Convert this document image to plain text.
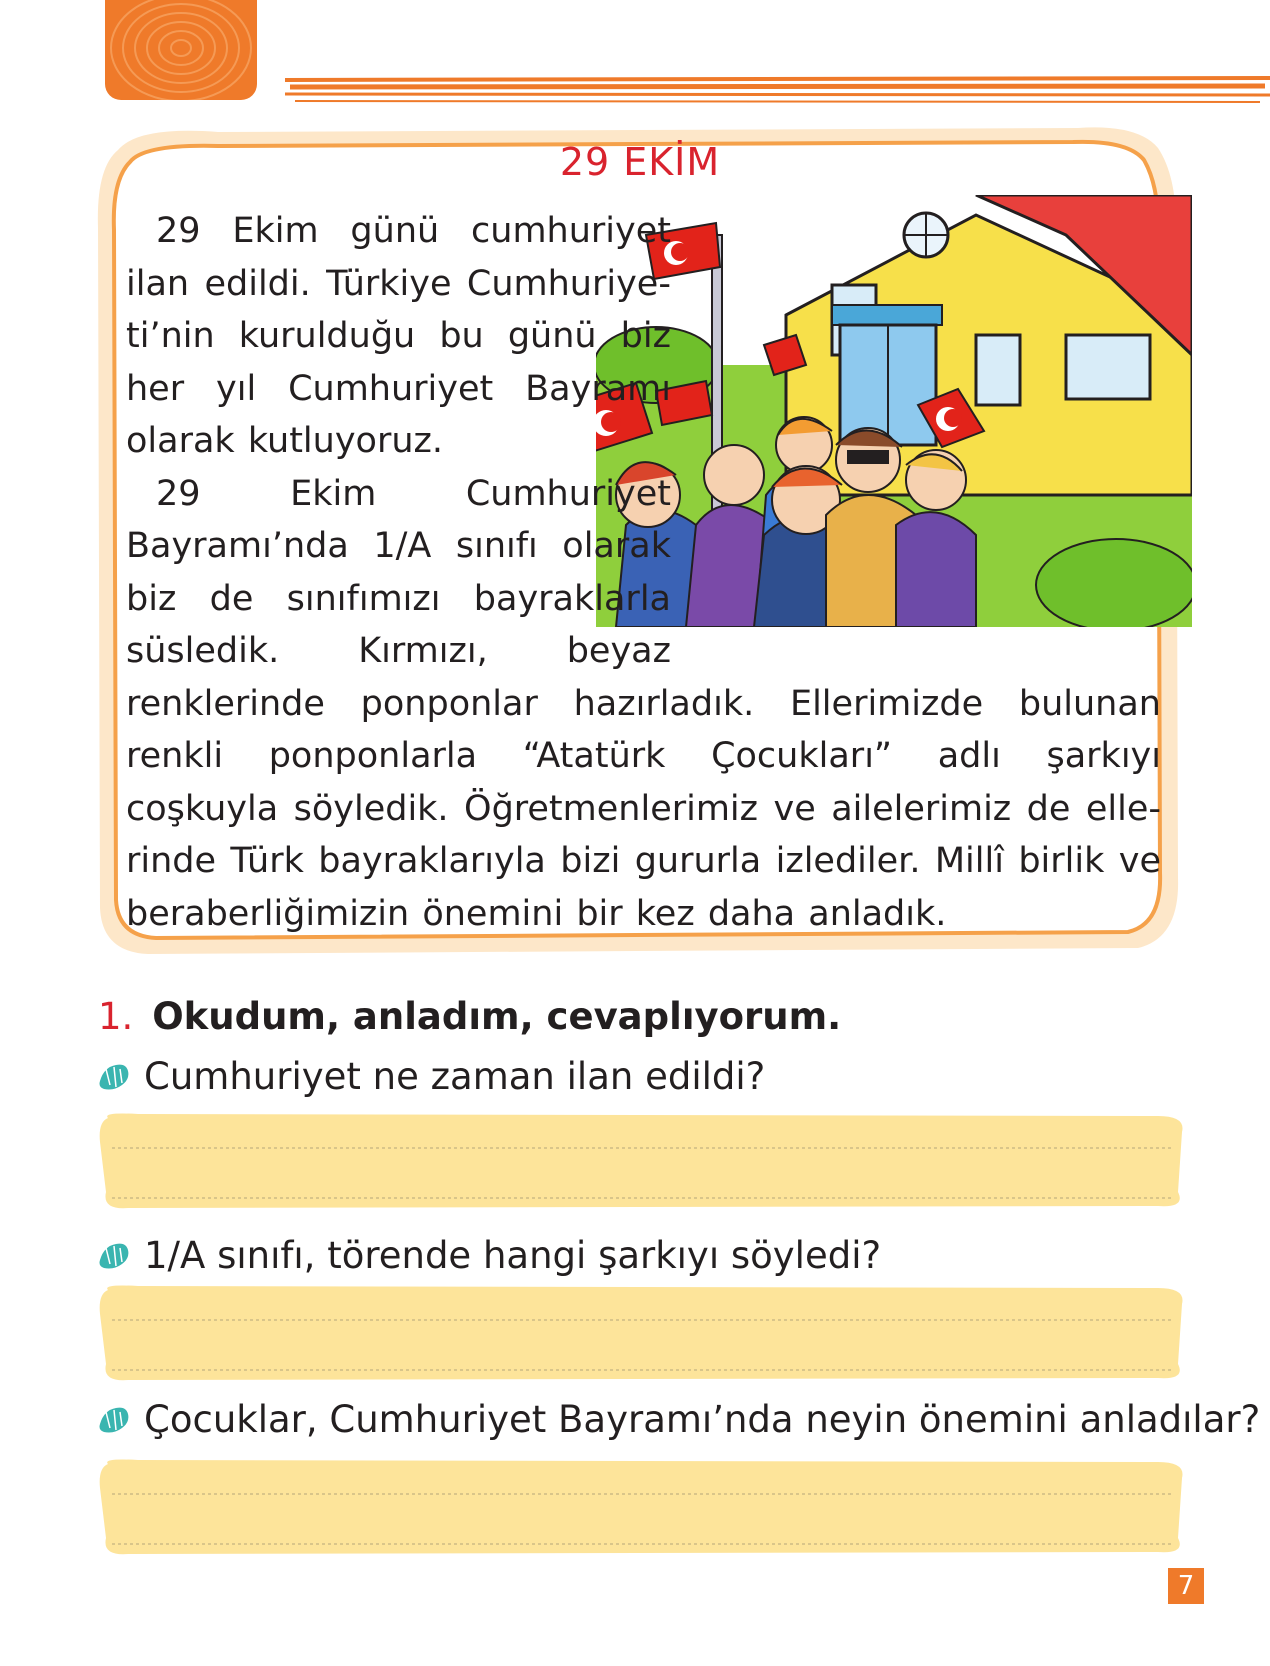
29 EKİM

29 Ekim günü cumhuriyet ilan edildi. Türkiye Cumhuriyeti’nin kurulduğu bu günü biz her yıl Cumhuriyet Bayramı olarak kutluyoruz.

29 Ekim Cumhuriyet Bayramı’nda 1/A sınıfı olarak biz de sınıfımızı bayraklarla süsledik. Kırmızı, beyaz renklerinde ponponlar hazırladık. Ellerimizde bulunan renkli ponponlarla “Atatürk Çocukları” adlı şarkıyı coşkuyla söyledik. Öğretmenlerimiz ve ailelerimiz de ellerinde Türk bayraklarıyla bizi gururla izlediler. Millî birlik ve beraberliğimizin önemini bir kez daha anladık.

1. Okudum, anladım, cevaplıyorum.
Cumhuriyet ne zaman ilan edildi?
1/A sınıfı, törende hangi şarkıyı söyledi?
Çocuklar, Cumhuriyet Bayramı’nda neyin önemini anladılar?
7
